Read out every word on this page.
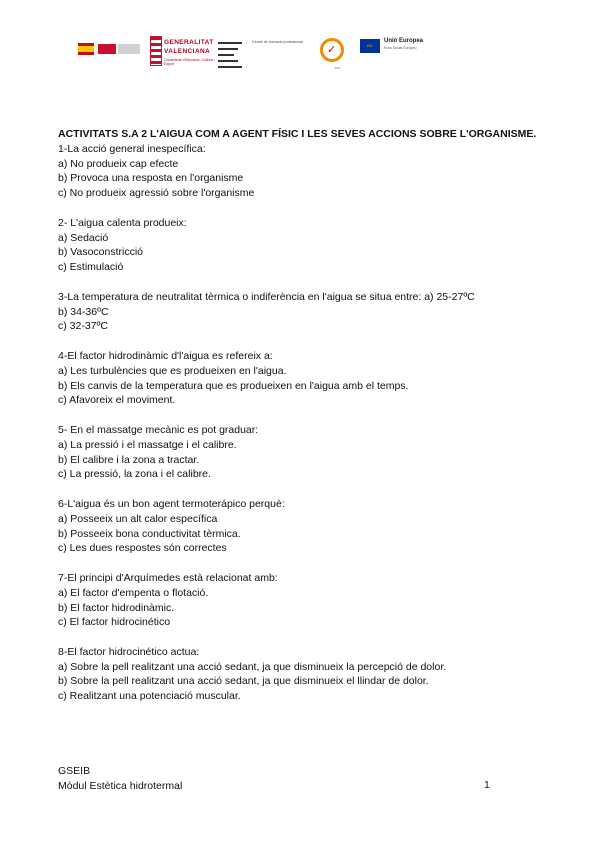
GENERALITAT
VALENCIANA
Conselleria d'Educació, Cultura i Esport
Centre de formació professional
✓
SGS
EU
Unió Europea
Fons Social Europeu

ACTIVITATS S.A 2 L'AIGUA COM A AGENT FÍSIC I LES SEVES ACCIONS SOBRE L'ORGANISME.

1-La acció general inespecífica:

a) No produeix cap efecte

b) Provoca una resposta en l'organisme

c) No produeix agressió sobre l'organisme

2- L'aigua calenta produeix:

a) Sedació

b) Vasoconstricció

c) Estimulació

3-La temperatura de neutralitat tèrmica o indiferència en l'aigua se situa entre: a) 25-27ºC

b) 34-36ºC

c) 32-37ºC

4-El factor hidrodinàmic d'l'aigua es refereix a:

a) Les turbulències que es produeixen en l'aigua.

b) Els canvis de la temperatura que es produeixen en l'aigua amb el temps.

c) Afavoreix el moviment.

5- En el massatge mecànic es pot graduar:

a) La pressió i el massatge i el calibre.

b) El calibre i la zona a tractar.

c) La pressió, la zona i el calibre.

6-L'aigua és un bon agent termoterápico perquè:

a) Posseeix un alt calor específica

b) Posseeix bona conductivitat tèrmica.

c) Les dues respostes són correctes

7-El principi d'Arquímedes està relacionat amb:

a) El factor d'empenta o flotació.

b) El factor hidrodinàmic.

c) El factor hidrocinético

8-El factor hidrocinético actua:

a) Sobre la pell realitzant una acció sedant, ja que disminueix la percepció de dolor.

b) Sobre la pell realitzant una acció sedant, ja que disminueix el llindar de dolor.

c) Realitzant una potenciació muscular.

GSEIB

Mòdul Estètica hidrotermal	1
